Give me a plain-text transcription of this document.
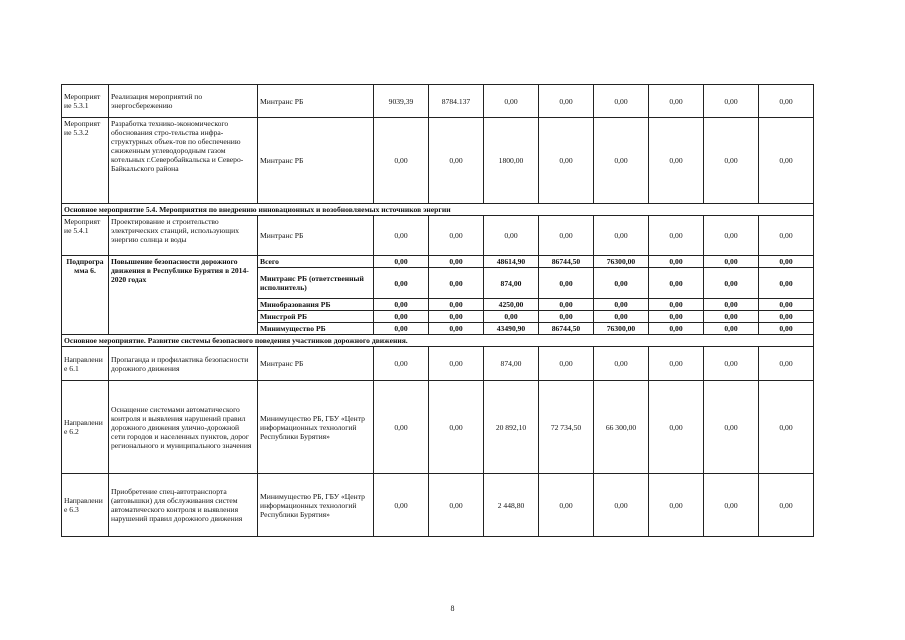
Мероприят ие 5.3.1	Реализация мероприятий по энергосбережению	Минтранс РБ	9039,39	8784.137	0,00	0,00	0,00	0,00	0,00	0,00
Мероприят ие 5.3.2	Разработка технико-экономического обоснования стро-тельства инфра-структурных объек-тов по обеспечению сжиженным углеводородным газом котельных г.Северобайкальска и Северо-Байкальского района	Минтранс РБ	0,00	0,00	1800,00	0,00	0,00	0,00	0,00	0,00
Основное мероприятие 5.4. Мероприятия по внедрению инновационных и возобновляемых источников энергии										
Мероприят ие 5.4.1	Проектирование и строительство электрических станций, использующих энергию солнца и воды	Минтранс РБ	0,00	0,00	0,00	0,00	0,00	0,00	0,00	0,00
Подпрогра мма 6.	Повышение безопасности дорожного движения в Республике Бурятия в 2014-2020 годах	Всего	0,00	0,00	48614,90	86744,50	76300,00	0,00	0,00	0,00
		Минтранс РБ (ответственный исполнитель)	0,00	0,00	874,00	0,00	0,00	0,00	0,00	0,00
		Минобразования РБ	0,00	0,00	4250,00	0,00	0,00	0,00	0,00	0,00
		Минстрой РБ	0,00	0,00	0,00	0,00	0,00	0,00	0,00	0,00
		Минимущество РБ	0,00	0,00	43490,90	86744,50	76300,00	0,00	0,00	0,00
Основное мероприятие. Развитие системы безопасного поведения участников дорожного движения.										
Направлени е 6.1	Пропаганда и профилактика безопасности дорожного движения	Минтранс РБ	0,00	0,00	874,00	0,00	0,00	0,00	0,00	0,00
Направлени е 6.2	Оснащение системами автоматического контроля и выявления нарушений правил дорожного движения улично-дорожной сети городов и населенных пунктов, дорог регионального и муниципального значения	Минимущество РБ, ГБУ «Центр информационных технологий Республики Бурятия»	0,00	0,00	20 892,10	72 734,50	66 300,00	0,00	0,00	0,00
Направлени е 6.3	Приобретение спец-автотранспорта (автовышки) для обслуживания систем автоматического контроля и выявления нарушений правил дорожного движения	Минимущество РБ, ГБУ «Центр информационных технологий Республики Бурятия»	0,00	0,00	2 448,80	0,00	0,00	0,00	0,00	0,00
8
